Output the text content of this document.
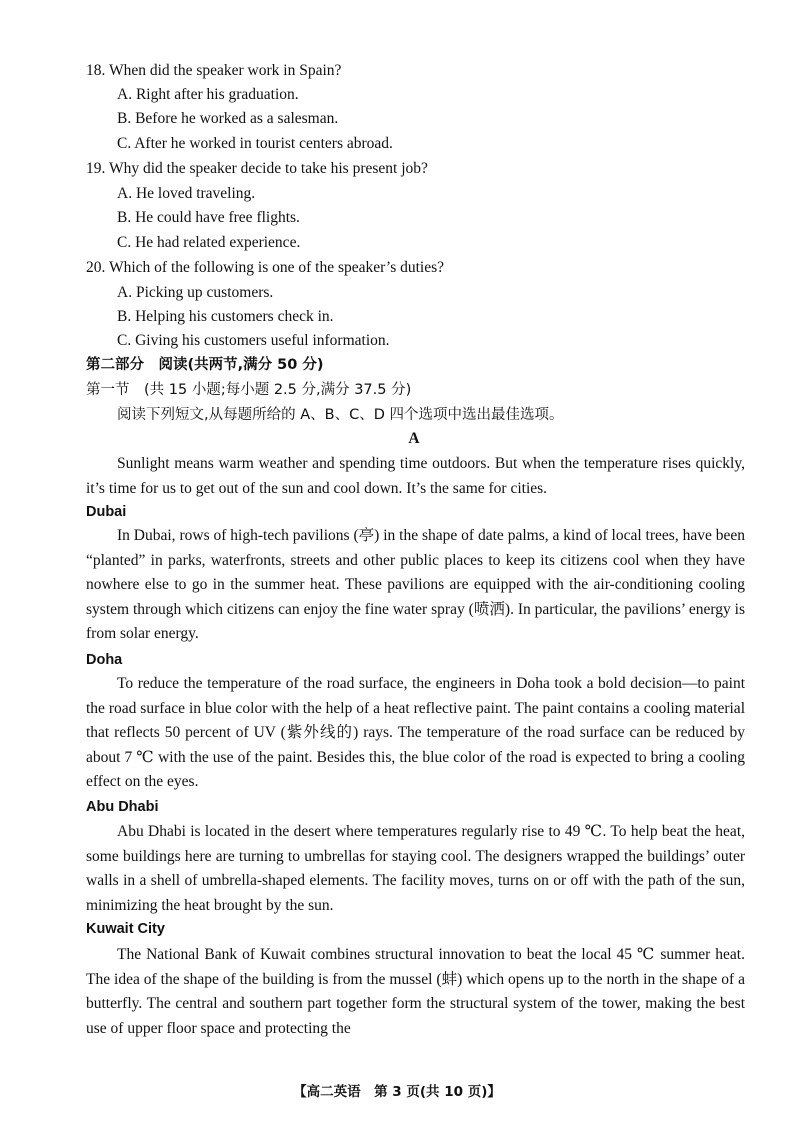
18. When did the speaker work in Spain?
A. Right after his graduation.
B. Before he worked as a salesman.
C. After he worked in tourist centers abroad.
19. Why did the speaker decide to take his present job?
A. He loved traveling.
B. He could have free flights.
C. He had related experience.
20. Which of the following is one of the speaker’s duties?
A. Picking up customers.
B. Helping his customers check in.
C. Giving his customers useful information.
第二部分　阅读(共两节,满分 50 分)
第一节　(共 15 小题;每小题 2.5 分,满分 37.5 分)
阅读下列短文,从每题所给的 A、B、C、D 四个选项中选出最佳选项。
A

Sunlight means warm weather and spending time outdoors. But when the temperature rises quickly, it’s time for us to get out of the sun and cool down. It’s the same for cities.

Dubai

In Dubai, rows of high-tech pavilions (亭) in the shape of date palms, a kind of local trees, have been “planted” in parks, waterfronts, streets and other public places to keep its citizens cool when they have nowhere else to go in the summer heat. These pavilions are equipped with the air-conditioning cooling system through which citizens can enjoy the fine water spray (喷洒). In particular, the pavilions’ energy is from solar energy.

Doha

To reduce the temperature of the road surface, the engineers in Doha took a bold decision—to paint the road surface in blue color with the help of a heat reflective paint. The paint contains a cooling material that reflects 50 percent of UV (紫外线的) rays. The temperature of the road surface can be reduced by about 7 ℃ with the use of the paint. Besides this, the blue color of the road is expected to bring a cooling effect on the eyes.

Abu Dhabi

Abu Dhabi is located in the desert where temperatures regularly rise to 49 ℃. To help beat the heat, some buildings here are turning to umbrellas for staying cool. The designers wrapped the buildings’ outer walls in a shell of umbrella-shaped elements. The facility moves, turns on or off with the path of the sun, minimizing the heat brought by the sun.

Kuwait City

The National Bank of Kuwait combines structural innovation to beat the local 45 ℃ summer heat. The idea of the shape of the building is from the mussel (蚌) which opens up to the north in the shape of a butterfly. The central and southern part together form the structural system of the tower, making the best use of upper floor space and protecting the

【高二英语　第 3 页(共 10 页)】
